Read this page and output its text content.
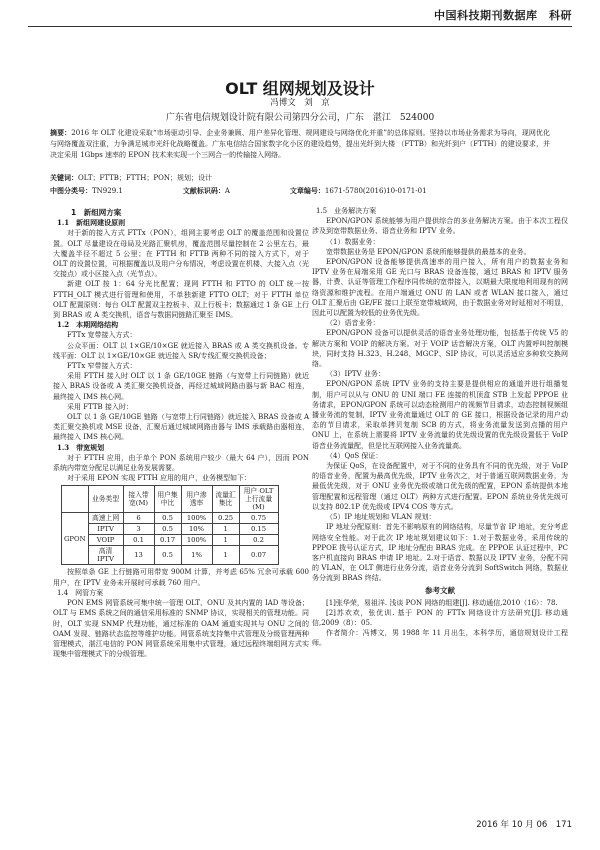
中国科技期刊数据库　科研
OLT 组网规划及设计
冯博文　刘　京
广东省电信规划设计院有限公司第四分公司，广东　湛江　524000
摘要：2016 年 OLT 化建设采取“市场驱动引导、企业务兼顾、用户差异化管理、规网建设与网络优化并重”的总体原则。坚持以市场业务需求为导向，现网优化与网络覆盖双注重，力争满足城市光纤化战略覆盖。广东电信结合国家数字化小区的建设趋势，提出光纤到大楼 （FTTB）和光纤到户（FTTH）的建设要求，并决定采用 1Gbps 速率的 EPON 技术来实现一个三网合一的传输接入网络。
关键词：OLT；FTTB；FTTH；PON；规划；设计
中图分类号：TN929.1	文献标识码：A	文章编号：1671-5780(2016)10-0171-01
1　新组网方案
1.1　新组网建设原则

对于新的接入方式 FTTx（PON），组网主要考虑 OLT 的覆盖范围和设置位置。OLT 尽量建设在母局及光路汇聚机房，覆盖范围尽量控制在 2 公里左右，最大覆盖半径不超过 5 公里；在 FTTH 和 FTTB 两种不同的接入方式下，对于 OLT 的设置位置，可根据覆盖以及用户分布情况，考虑设置在机楼、大接入点（光交接点）或小区接入点（光节点）。

新建 OLT 按 1：64 分光比配置；现网 FTTH 和 FTTO 的 OLT 统一按 FTTH_OLT 模式进行管理和使用，不单独新建 FTTO OLT；对于 FTTH 单位 OLT 配置原则：每台 OLT 配置双主控板卡、双上行板卡；数据通过 1 条 GE 上行到 BRAS 或 A 类交换机，语音与数据同链路汇聚至 IMS。

1.2　本期网络结构

FTTx 宽带接入方式：

公众平面：OLT 以 1×GE/10×GE 就近接入 BRAS 或 A 类交换机设备。专线平面：OLT 以 1×GE/10×GE 就近接入 SR/专线汇聚交换机设备；

FTTx 窄带接入方式：

采用 FTTH 接入时 OLT 以 1 条 GE/10GE 链路（与宽带上行同链路）就近接入 BRAS 设备或 A 类汇聚交换机设备，再经过城域网路由器与新 BAC 相连，最终接入 IMS 核心网。

采用 FTTB 接入时：

OLT 以 1 条 GE/10GE 链路（与宽带上行同链路）就近接入 BRAS 设备或 A 类汇聚交换机或 MSE 设备，汇聚后通过城域网路由器与 IMS 承载路由器相连，最终接入 IMS 核心网。

1.3　带宽规划

对于 FTTH 应用，由于单个 PON 系统用户较少（最大 64 户），因而 PON 系统内带宽分配足以满足业务发展需要。

对于采用 EPON 实现 FTTH 应用的用户，业务模型如下：

	业务类型	接入带宽(M)	用户集中比	用户渗透率	流量汇集比	用户 OLT 上行流量(M)
GPON	高速上网	6	0.5	100%	0.25	0.75
	IPTV	3	0.5	10%	1	0.15
	VOIP	0.1	0.17	100%	1	0.2
	高清 IPTV	13	0.5	1%	1	0.07

按照单条 GE 上行链路可用带宽 900M 计算，并考虑 65% 冗余可承载 600 用户，在 IPTV 业务未开展时可承载 760 用户。

1.4　网管方案

PON EMS 网管系统可集中统一管理 OLT、ONU 及其内置的 IAD 等设备；OLT 与 EMS 系统之间的通信采用标准的 SNMP 协议，实现相关的管理功能。同时，OLT 实现 SNMP 代理功能，通过标准的 OAM 通道实现其与 ONU 之间的 OAM 发现、链路状态监控等维护功能。网管系统支持集中式管理及分级管理两种管理模式，湛江电信的 PON 网管系统采用集中式管理，通过远程终端组网方式实现集中管理模式下的分级管理。

1.5　业务解决方案

EPON/GPON 系统能够为用户提供综合的多业务解决方案。由于本次工程仅涉及到宽带数据业务、语音业务和 IPTV 业务。

（1）数据业务：

宽带数据业务是 EPON/GPON 系统所能够提供的最基本的业务。

EPON/GPON 设备能够提供高速率的用户接入，所有用户的数据业务和 IPTV 业务在局端采用 GE 光口与 BRAS 设备连接，通过 BRAS 和 IPTV 服务器，计费、认证等管理工作程序同传统的宽带接入，以期最大限度地利用现有的网络资源和维护流程。在用户端通过 ONU 的 LAN 或者 WLAN 接口接入，通过 OLT 汇聚后由 GE/FE 接口上联至宽带城域网，由于数据业务对时延相对不明显，因此可以配置为较低的业务优先级。

（2）语音业务：

EPON/GPON 设备可以提供灵活的语音业务处理功能，包括基于传统 V5 的解决方案和 VOIP 的解决方案。对于 VOIP 话音解决方案，OLT 内置呼叫控制模块，同时支持 H.323、H.248、MGCP、SIP 协议，可以灵活适应多种软交换网络。

（3）IPTV 业务：

EPON/GPON 系统 IPTV 业务的支持主要是提供相应的通道并进行组播复制，用户可以从与 ONU 的 UNI 端口 FE 连接的机顶盒 STB 上发起 PPPOE 业务请求，EPON/GPON 系统可以动态检测用户的视频节目请求，动态控制视频组播业务流的复制，IPTV 业务流量通过 OLT 的 GE 接口，根据设备记录的用户动态的节目请求，采取单拷贝复制 SCB 的方式，将业务流量发送到点播的用户 ONU 上，在系统上需要将 IPTV 业务流量的优先级设置的优先级设置低于 VoIP 语音业务流量配，但是比互联网接入业务流量高。

（4）QoS 保证：

为保证 QoS，在设备配置中，对于不同的业务具有不同的优先级，对于 VoIP 的语音业务，配置为最高优先级，IPTV 业务次之，对于普通互联网数据业务，为最低优先级，对于 ONU 业务优先级或端口优先级的配置，EPON 系统提供本地管理配置和远程管理（通过 OLT）两种方式进行配置。EPON 系统业务优先级可以支持 802.1P 优先级或 IPV4 COS 等方式。

（5）IP 地址规划和 VLAN 规划：

IP 地址分配原则：首先不影响原有的网络结构，尽量节省 IP 地址，充分考虑网络安全性能。对于此次 IP 地址规划建议如下：1.对于数据业务，采用传统的 PPPOE 拨号认证方式，IP 地址分配由 BRAS 完成。在 PPPOE 认证过程中，PC 客户机直接向 BRAS 申请 IP 地址。2.对于语音、数据以及 IPTV 业务，分配不同的 VLAN，在 OLT 侧进行业务分流，语音业务分流到 SoftSwitch 网络，数据业务分流到 BRAS 终结。

参考文献

[1]张华荣，易祖洋. 浅谈 PON 网络的组建[J]. 移动通信,2010（16）：78.

[2]苏欢欢，张优训. 基于 PON 的 FTTx 网络设计方法研究[J]. 移动通信,2009（8）：05.

作者简介：冯博文，男 1988 年 11 月出生，本科学历，通信规划设计工程师。

2016 年 10 月 06　171
